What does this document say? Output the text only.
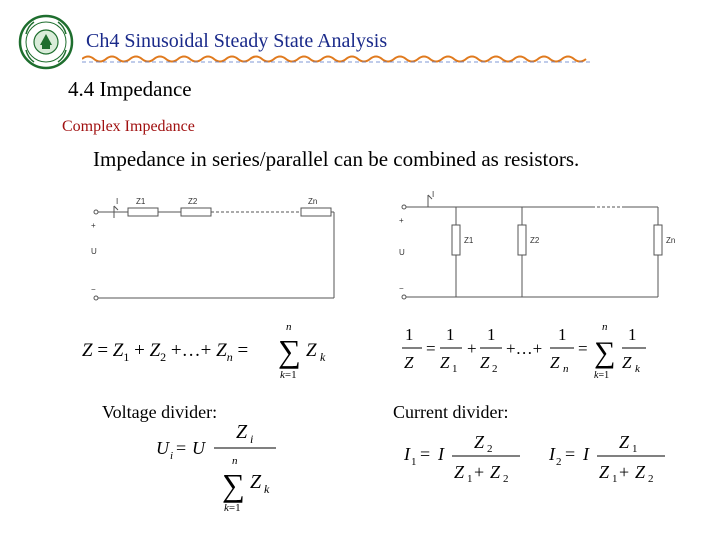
Ch4 Sinusoidal Steady State Analysis
4.4 Impedance
Complex Impedance
Impedance in series/parallel can be combined as resistors.
I Z1	Z2	Zn
+
U
−
I
Z1	Z2	Zn
+
U
−
$Z = Z_1 + Z_2$ +…+ $Z_n$ =
n
∑
k=1
Z k
1
Z
=
1
Z 1
+
1
Z 2
+…+
1
Z n
=
n
∑
k=1
1
Z k
Voltage divider:	Current divider:
U i = U
Z i
n
∑
k=1
Z k
I 1 = I
Z 2
Z 1 + Z 2
I 2 = I
Z 1
Z 1 + Z 2
